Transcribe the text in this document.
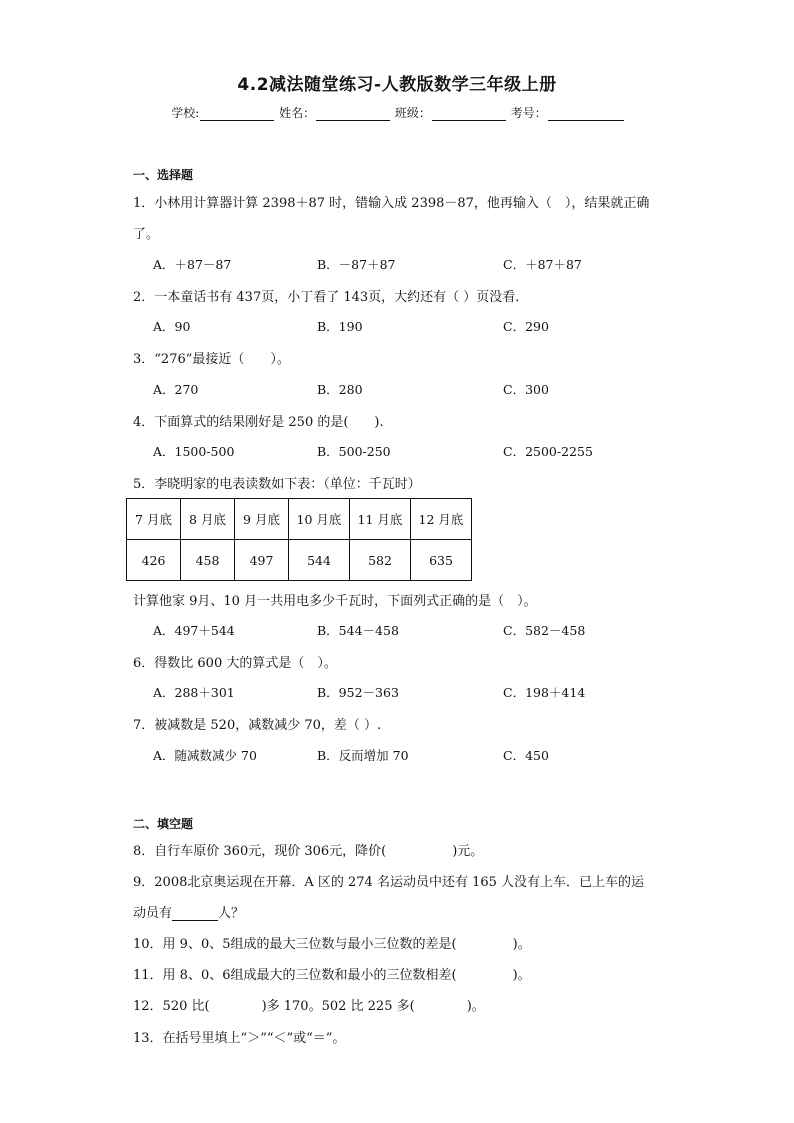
4.2减法随堂练习-人教版数学三年级上册
学校:	姓名：	班级：	考号：
一、选择题
1．小林用计算器计算 2398＋87 时，错输入成 2398－87，他再输入（　），结果就正确
了。
A．＋87－87	B．－87＋87	C．＋87＋87
2．一本童话书有 437页，小丁看了 143页，大约还有（ ）页没看．
A．90	B．190	C．290
3．“276”最接近（　　）。
A．270	B．280	C．300
4．下面算式的结果刚好是 250 的是(　　).
A．1500-500	B．500-250	C．2500-2255
5．李晓明家的电表读数如下表：（单位：千瓦时）
7 月底	8 月底	9 月底	10 月底	11 月底	12 月底
426	458	497	544	582	635
计算他家 9月、10 月一共用电多少千瓦时，下面列式正确的是（　）。
A．497＋544	B．544－458	C．582－458
6．得数比 600 大的算式是（　）。
A．288＋301	B．952－363	C．198＋414
7．被减数是 520，减数减少 70，差（ ）.
A．随减数减少 70	B．反而增加 70	C．450
二、填空题
8．自行车原价 360元，现价 306元，降价(	)元。
9．2008北京奥运现在开幕．A 区的 274 名运动员中还有 165 人没有上车．已上车的运
动员有	人？
10．用 9、0、5组成的最大三位数与最小三位数的差是(	)。
11．用 8、0、6组成最大的三位数和最小的三位数相差(	)。
12．520 比(	)多 170。502 比 225 多(	)。
13．在括号里填上“＞”“＜”或“＝”。
